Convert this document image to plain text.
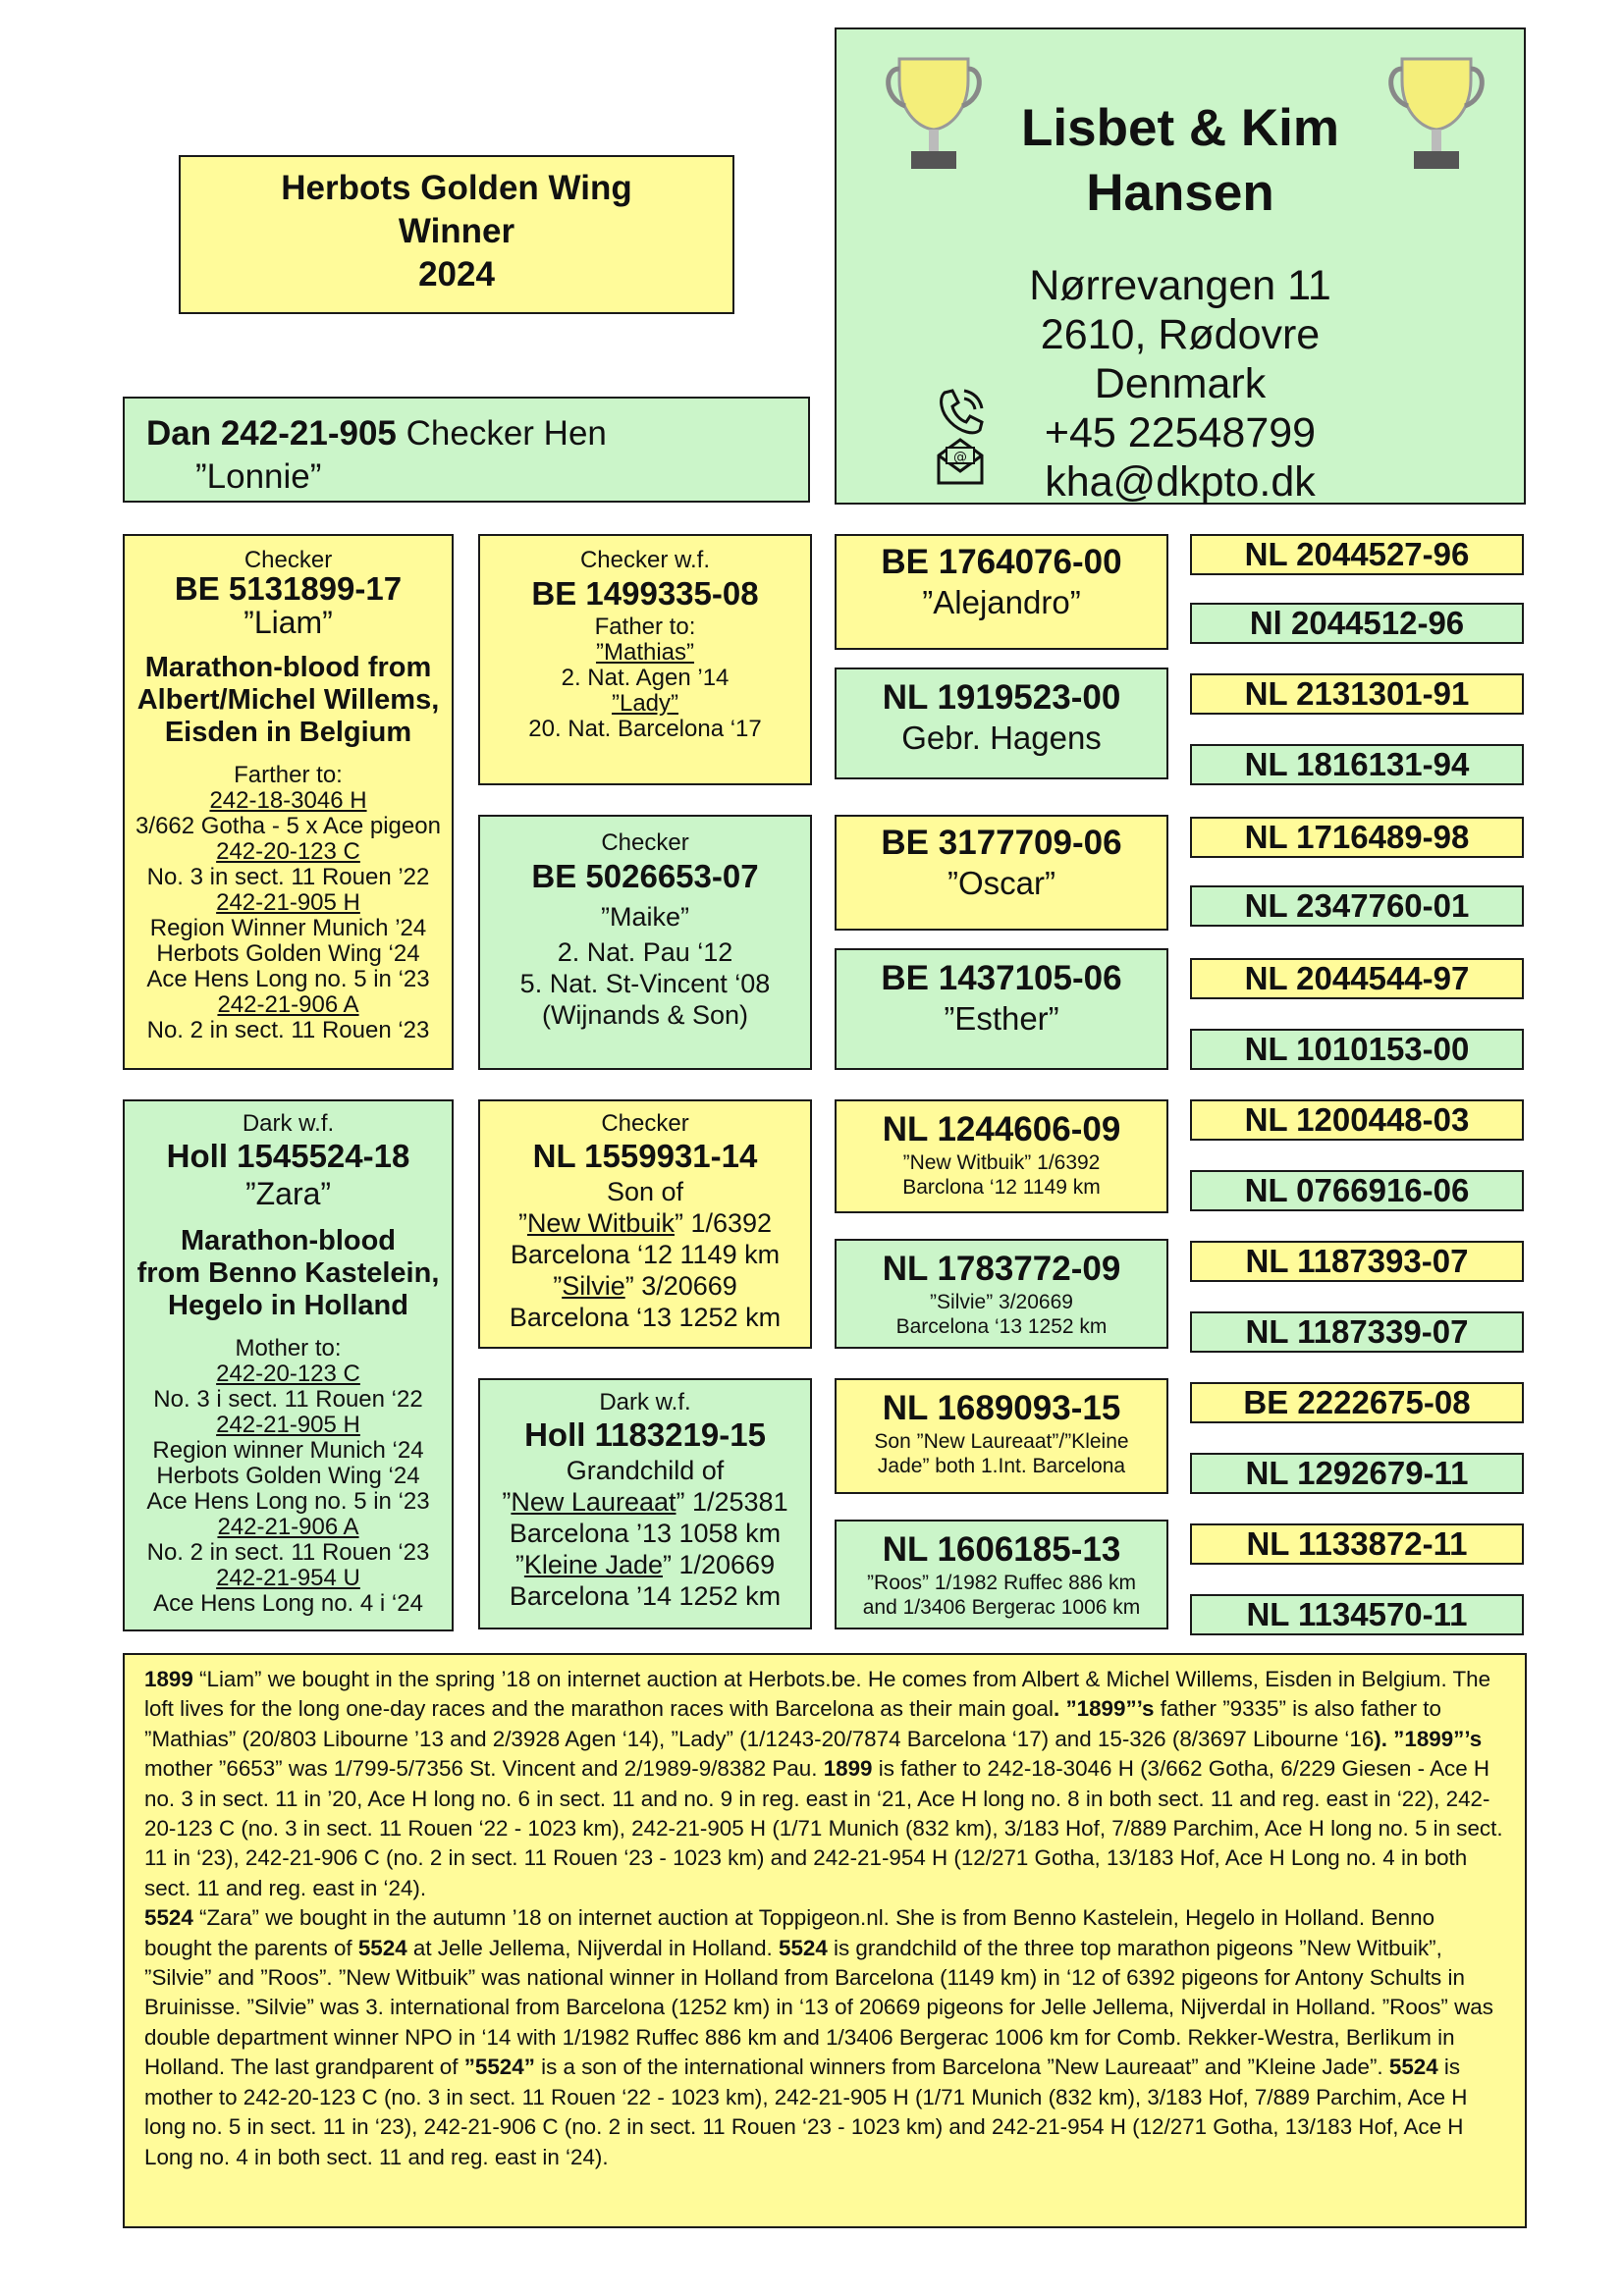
Lisbet & Kim
Hansen
Nørrevangen 11
2610, Rødovre
Denmark
+45 22548799
kha@dkpto.dk
@
Herbots Golden Wing
Winner
2024
Dan 242-21-905 Checker Hen
”Lonnie”
Checker
BE 5131899-17
”Liam”
Marathon-blood from
Albert/Michel Willems,
Eisden in Belgium
Farther to:
242-18-3046 H
3/662 Gotha - 5 x Ace pigeon
242-20-123 C
No. 3 in sect. 11 Rouen ’22
242-21-905 H
Region Winner Munich ’24
Herbots Golden Wing ‘24
Ace Hens Long no. 5 in ‘23
242-21-906 A
No. 2 in sect. 11 Rouen ‘23
Dark w.f.
Holl 1545524-18
”Zara”
Marathon-blood
from Benno Kastelein,
Hegelo in Holland
Mother to:
242-20-123 C
No. 3 i sect. 11 Rouen ‘22
242-21-905 H
Region winner Munich ‘24
Herbots Golden Wing ‘24
Ace Hens Long no. 5 in ‘23
242-21-906 A
No. 2 in sect. 11 Rouen ‘23
242-21-954 U
Ace Hens Long no. 4 i ‘24
Checker w.f.
BE 1499335-08
Father to:
”Mathias”
2. Nat. Agen ’14
”Lady”
20. Nat. Barcelona ‘17
Checker
BE 5026653-07
”Maike”
2. Nat. Pau ‘12
5. Nat. St-Vincent ‘08
(Wijnands & Son)
Checker
NL 1559931-14
Son of
”New Witbuik” 1/6392
Barcelona ‘12 1149 km
”Silvie” 3/20669
Barcelona ‘13 1252 km
Dark w.f.
Holl 1183219-15
Grandchild of
”New Laureaat” 1/25381
Barcelona ’13 1058 km
”Kleine Jade” 1/20669
Barcelona ’14 1252 km
BE 1764076-00
”Alejandro”
NL 1919523-00
Gebr. Hagens
BE 3177709-06
”Oscar”
BE 1437105-06
”Esther”
NL 1244606-09
”New Witbuik” 1/6392
Barclona ‘12 1149 km
NL 1783772-09
”Silvie” 3/20669
Barcelona ‘13 1252 km
NL 1689093-15
Son ”New Laureaat”/”Kleine
Jade” both 1.Int. Barcelona
NL 1606185-13
”Roos” 1/1982 Ruffec 886 km
and 1/3406 Bergerac 1006 km
NL 2044527-96
Nl 2044512-96
NL 2131301-91
NL 1816131-94
NL 1716489-98
NL 2347760-01
NL 2044544-97
NL 1010153-00
NL 1200448-03
NL 0766916-06
NL 1187393-07
NL 1187339-07
BE 2222675-08
NL 1292679-11
NL 1133872-11
NL 1134570-11

1899 “Liam” we bought in the spring ’18 on internet auction at Herbots.be. He comes from Albert & Michel Willems, Eisden in Belgium. The loft lives for the long one-day races and the marathon races with Barcelona as their main goal. ”1899”’s father ”9335” is also father to ”Mathias” (20/803 Libourne ’13 and 2/3928 Agen ‘14), ”Lady” (1/1243-20/7874 Barcelona ‘17) and 15-326 (8/3697 Libourne ‘16). ”1899”’s mother ”6653” was 1/799-5/7356 St. Vincent and 2/1989-9/8382 Pau. 1899 is father to 242-18-3046 H (3/662 Gotha, 6/229 Giesen - Ace H no. 3 in sect. 11 in ’20, Ace H long no. 6 in sect. 11 and no. 9 in reg. east in ‘21, Ace H long no. 8 in both sect. 11 and reg. east in ‘22), 242-20-123 C (no. 3 in sect. 11 Rouen ‘22 - 1023 km), 242-21-905 H (1/71 Munich (832 km), 3/183 Hof, 7/889 Parchim, Ace H long no. 5 in sect. 11 in ‘23), 242-21-906 C (no. 2 in sect. 11 Rouen ‘23 - 1023 km) and 242-21-954 H (12/271 Gotha, 13/183 Hof, Ace H Long no. 4 in both sect. 11 and reg. east in ‘24).

5524 “Zara” we bought in the autumn ’18 on internet auction at Toppigeon.nl. She is from Benno Kastelein, Hegelo in Holland. Benno bought the parents of 5524 at Jelle Jellema, Nijverdal in Holland. 5524 is grandchild of the three top marathon pigeons ”New Witbuik”, ”Silvie” and ”Roos”. ”New Witbuik” was national winner in Holland from Barcelona (1149 km) in ‘12 of 6392 pigeons for Antony Schults in Bruinisse. ”Silvie” was 3. international from Barcelona (1252 km) in ‘13 of 20669 pigeons for Jelle Jellema, Nijverdal in Holland. ”Roos” was double department winner NPO in ‘14 with 1/1982 Ruffec 886 km and 1/3406 Bergerac 1006 km for Comb. Rekker-Westra, Berlikum in Holland. The last grandparent of ”5524” is a son of the international winners from Barcelona ”New Laureaat” and ”Kleine Jade”. 5524 is mother to 242-20-123 C (no. 3 in sect. 11 Rouen ‘22 - 1023 km), 242-21-905 H (1/71 Munich (832 km), 3/183 Hof, 7/889 Parchim, Ace H long no. 5 in sect. 11 in ‘23), 242-21-906 C (no. 2 in sect. 11 Rouen ‘23 - 1023 km) and 242-21-954 H (12/271 Gotha, 13/183 Hof, Ace H Long no. 4 in both sect. 11 and reg. east in ‘24).
